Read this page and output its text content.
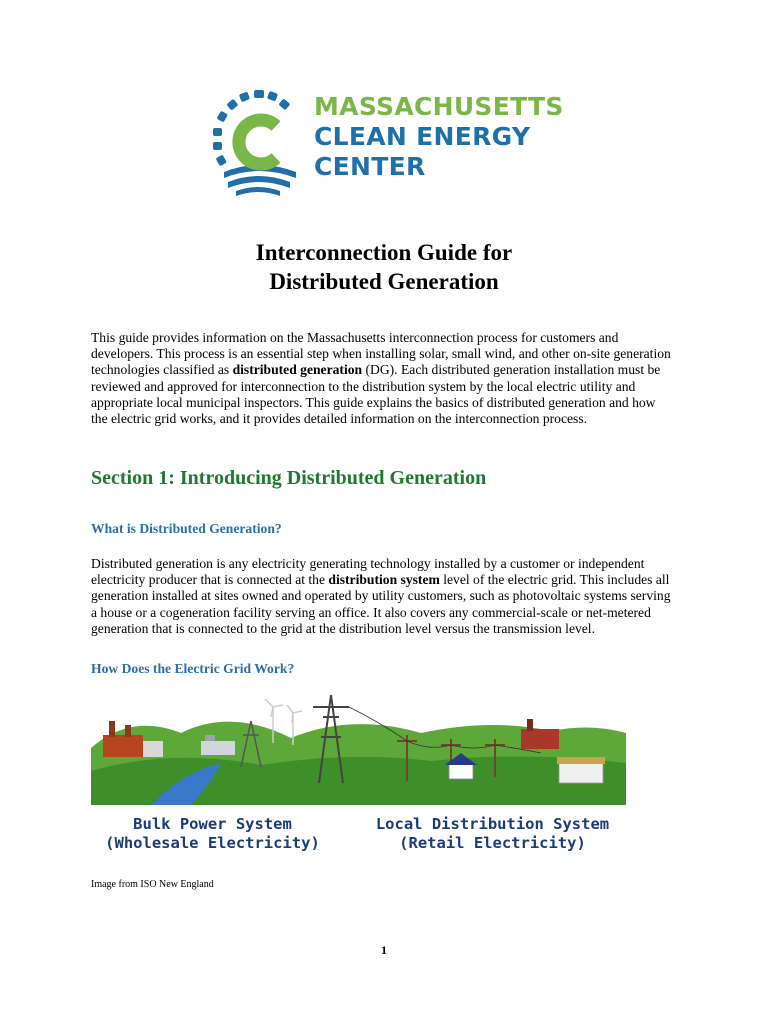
MASSACHUSETTS
CLEAN ENERGY
CENTER
Interconnection Guide for
Distributed Generation

This guide provides information on the Massachusetts interconnection process for customers and developers. This process is an essential step when installing solar, small wind, and other on-site generation technologies classified as distributed generation (DG). Each distributed generation installation must be reviewed and approved for interconnection to the distribution system by the local electric utility and appropriate local municipal inspectors. This guide explains the basics of distributed generation and how the electric grid works, and it provides detailed information on the interconnection process.

Section 1: Introducing Distributed Generation
What is Distributed Generation?

Distributed generation is any electricity generating technology installed by a customer or independent electricity producer that is connected at the distribution system level of the electric grid. This includes all generation installed at sites owned and operated by utility customers, such as photovoltaic systems serving a house or a cogeneration facility serving an office. It also covers any commercial-scale or net-metered generation that is connected to the grid at the distribution level versus the transmission level.

How Does the Electric Grid Work?
Bulk Power System
(Wholesale Electricity)
Local Distribution System
(Retail Electricity)
Image from ISO New England
1
